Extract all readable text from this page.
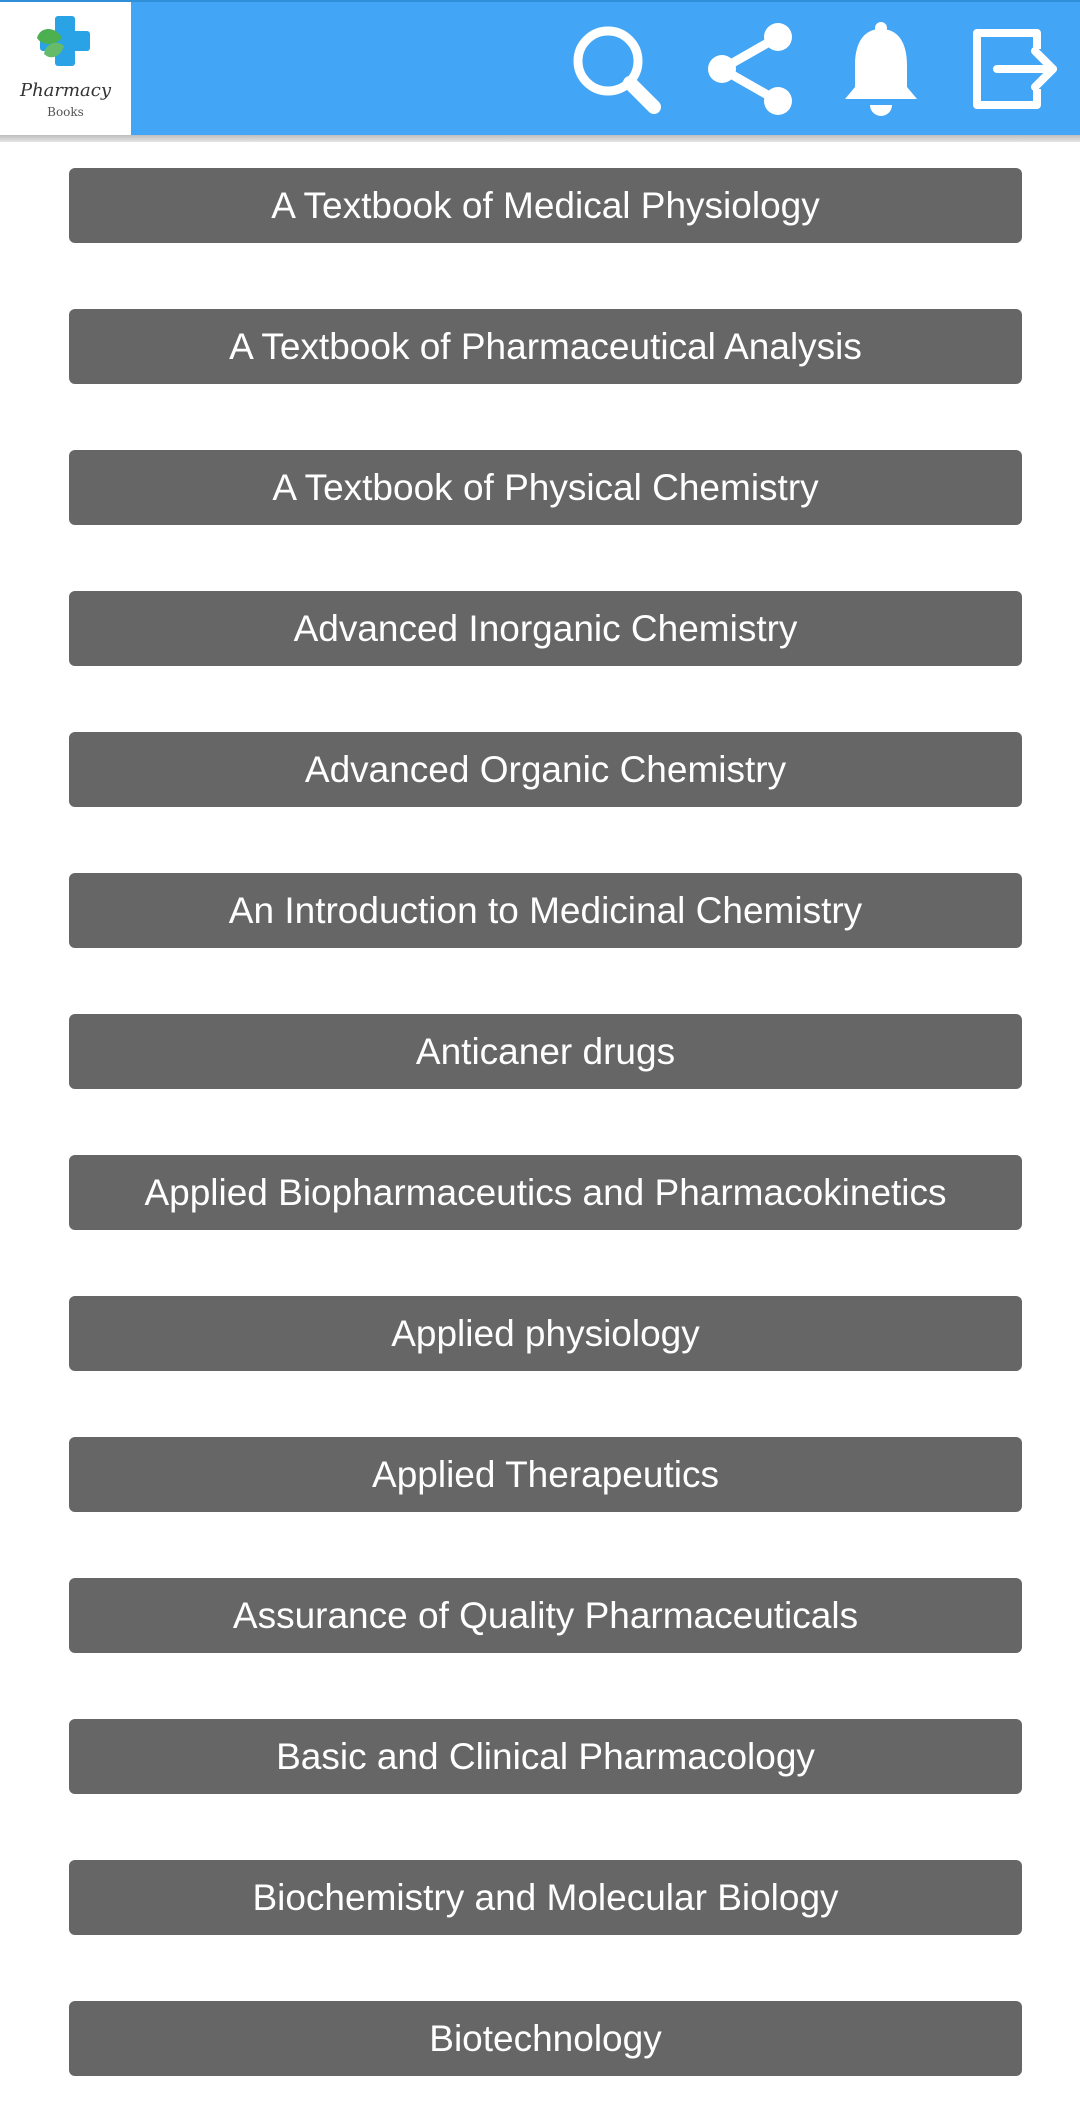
Pharmacy
Books
A Textbook of Medical Physiology
A Textbook of Pharmaceutical Analysis
A Textbook of Physical Chemistry
Advanced Inorganic Chemistry
Advanced Organic Chemistry
An Introduction to Medicinal Chemistry
Anticaner drugs
Applied Biopharmaceutics and Pharmacokinetics
Applied physiology
Applied Therapeutics
Assurance of Quality Pharmaceuticals
Basic and Clinical Pharmacology
Biochemistry and Molecular Biology
Biotechnology
